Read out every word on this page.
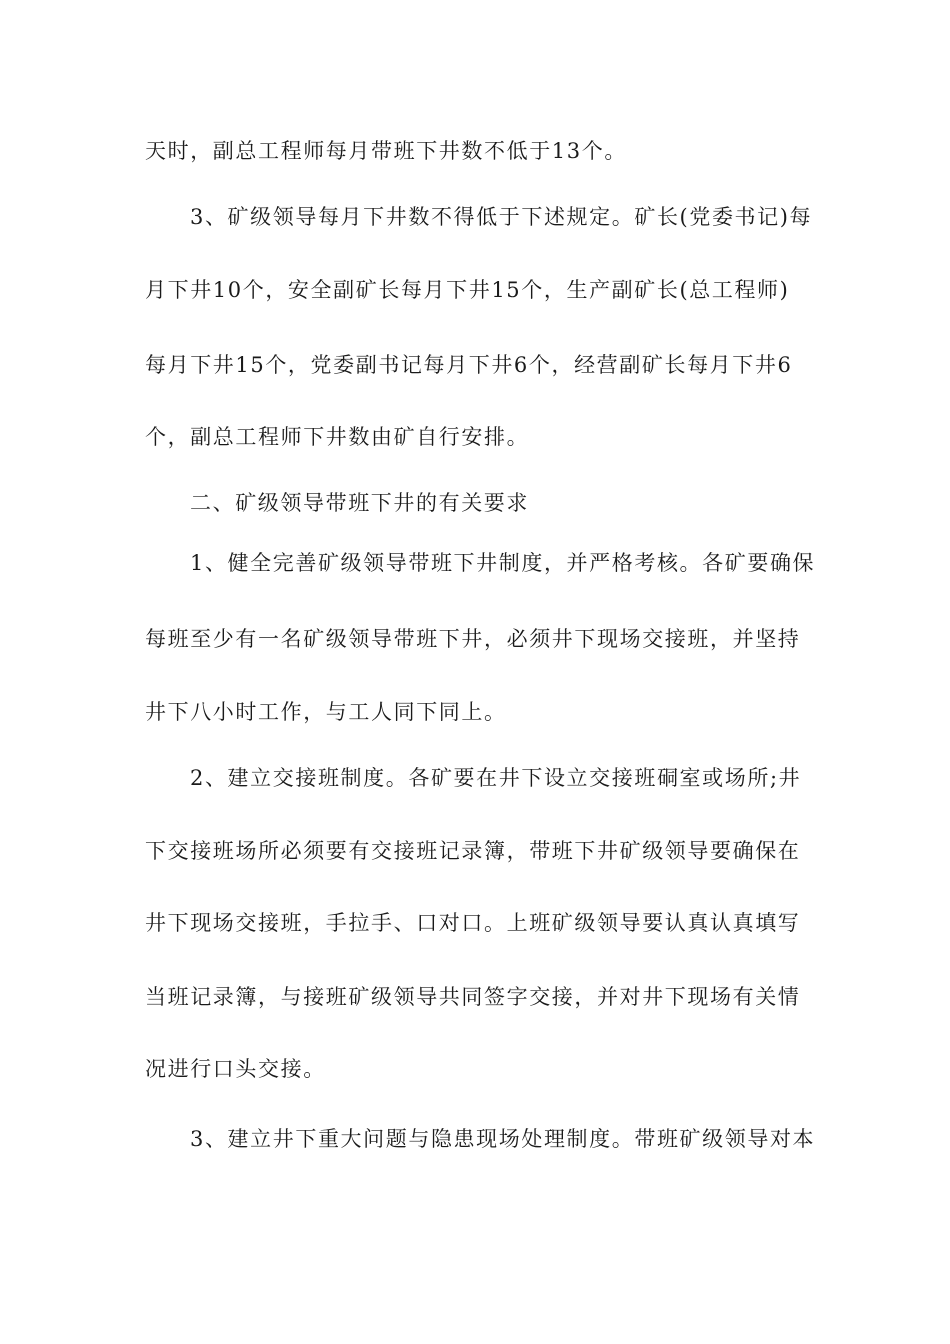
天时，副总工程师每月带班下井数不低于13个。
3、矿级领导每月下井数不得低于下述规定。矿长(党委书记)每
月下井10个，安全副矿长每月下井15个，生产副矿长(总工程师)
每月下井15个，党委副书记每月下井6个，经营副矿长每月下井6
个，副总工程师下井数由矿自行安排。
二、矿级领导带班下井的有关要求
1、健全完善矿级领导带班下井制度，并严格考核。各矿要确保
每班至少有一名矿级领导带班下井，必须井下现场交接班，并坚持
井下八小时工作，与工人同下同上。
2、建立交接班制度。各矿要在井下设立交接班硐室或场所;井
下交接班场所必须要有交接班记录簿，带班下井矿级领导要确保在
井下现场交接班，手拉手、口对口。上班矿级领导要认真认真填写
当班记录簿，与接班矿级领导共同签字交接，并对井下现场有关情
况进行口头交接。
3、建立井下重大问题与隐患现场处理制度。带班矿级领导对本
